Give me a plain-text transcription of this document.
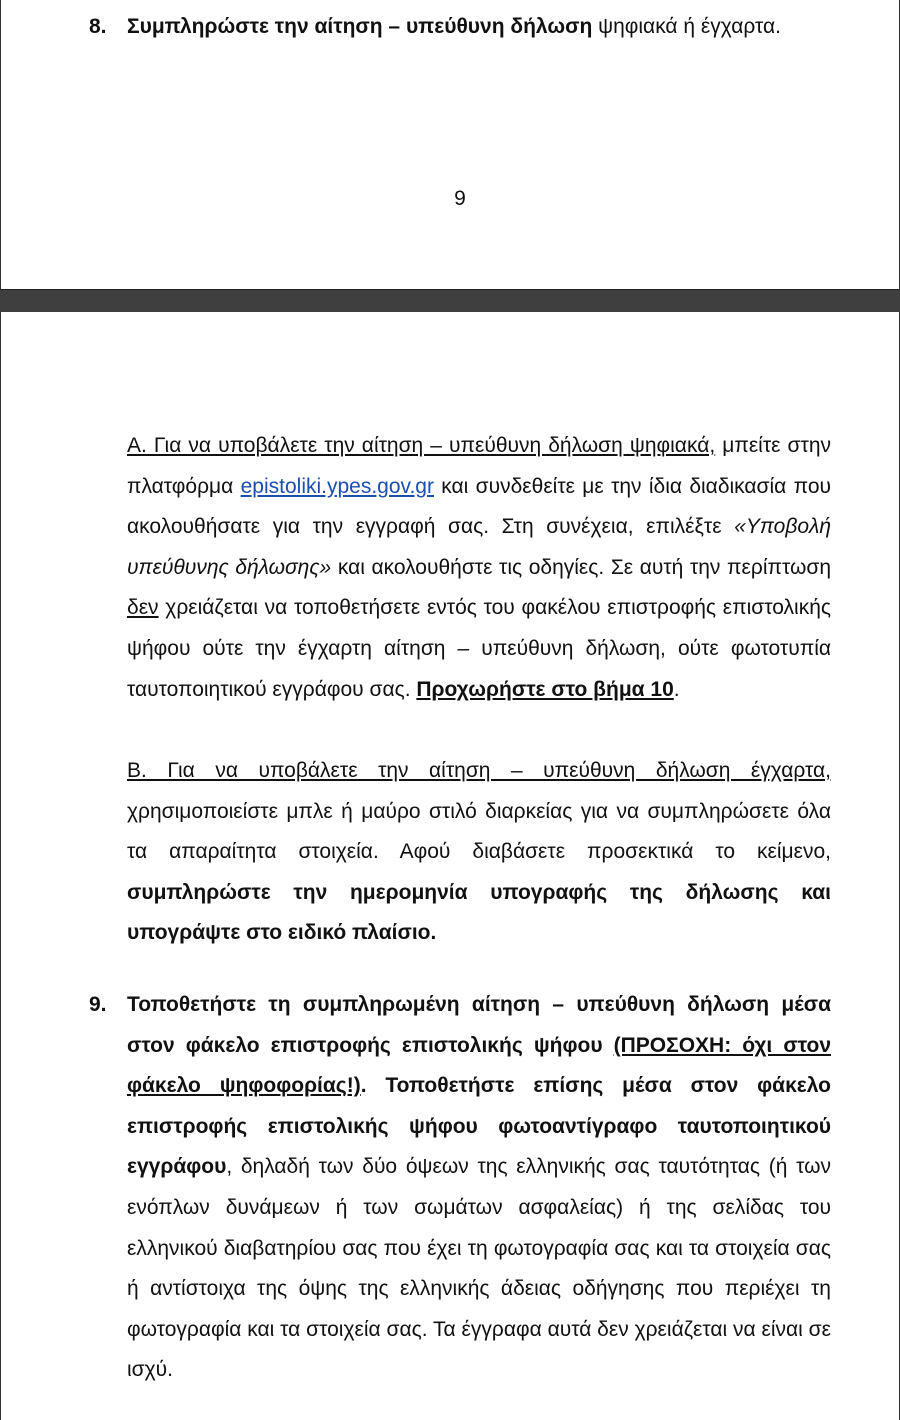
8. Συμπληρώστε την αίτηση – υπεύθυνη δήλωση ψηφιακά ή έγχαρτα.

9

Α. Για να υποβάλετε την αίτηση – υπεύθυνη δήλωση ψηφιακά, μπείτε στην πλατφόρμα epistoliki.ypes.gov.gr και συνδεθείτε με την ίδια διαδικασία που ακολουθήσατε για την εγγραφή σας. Στη συνέχεια, επιλέξτε «Υποβολή υπεύθυνης δήλωσης» και ακολουθήστε τις οδηγίες. Σε αυτή την περίπτωση δεν χρειάζεται να τοποθετήσετε εντός του φακέλου επιστροφής επιστολικής ψήφου ούτε την έγχαρτη αίτηση – υπεύθυνη δήλωση, ούτε φωτοτυπία ταυτοποιητικού εγγράφου σας. Προχωρήστε στο βήμα 10.

Β. Για να υποβάλετε την αίτηση – υπεύθυνη δήλωση έγχαρτα, χρησιμοποιείστε μπλε ή μαύρο στιλό διαρκείας για να συμπληρώσετε όλα τα απαραίτητα στοιχεία. Αφού διαβάσετε προσεκτικά το κείμενο, συμπληρώστε την ημερομηνία υπογραφής της δήλωσης και υπογράψτε στο ειδικό πλαίσιο.

9. Τοποθετήστε τη συμπληρωμένη αίτηση – υπεύθυνη δήλωση μέσα στον φάκελο επιστροφής επιστολικής ψήφου (ΠΡΟΣΟΧΗ: όχι στον φάκελο ψηφοφορίας!). Τοποθετήστε επίσης μέσα στον φάκελο επιστροφής επιστολικής ψήφου φωτοαντίγραφο ταυτοποιητικού εγγράφου, δηλαδή των δύο όψεων της ελληνικής σας ταυτότητας (ή των ενόπλων δυνάμεων ή των σωμάτων ασφαλείας) ή της σελίδας του ελληνικού διαβατηρίου σας που έχει τη φωτογραφία σας και τα στοιχεία σας ή αντίστοιχα της όψης της ελληνικής άδειας οδήγησης που περιέχει τη φωτογραφία και τα στοιχεία σας. Τα έγγραφα αυτά δεν χρειάζεται να είναι σε ισχύ.
